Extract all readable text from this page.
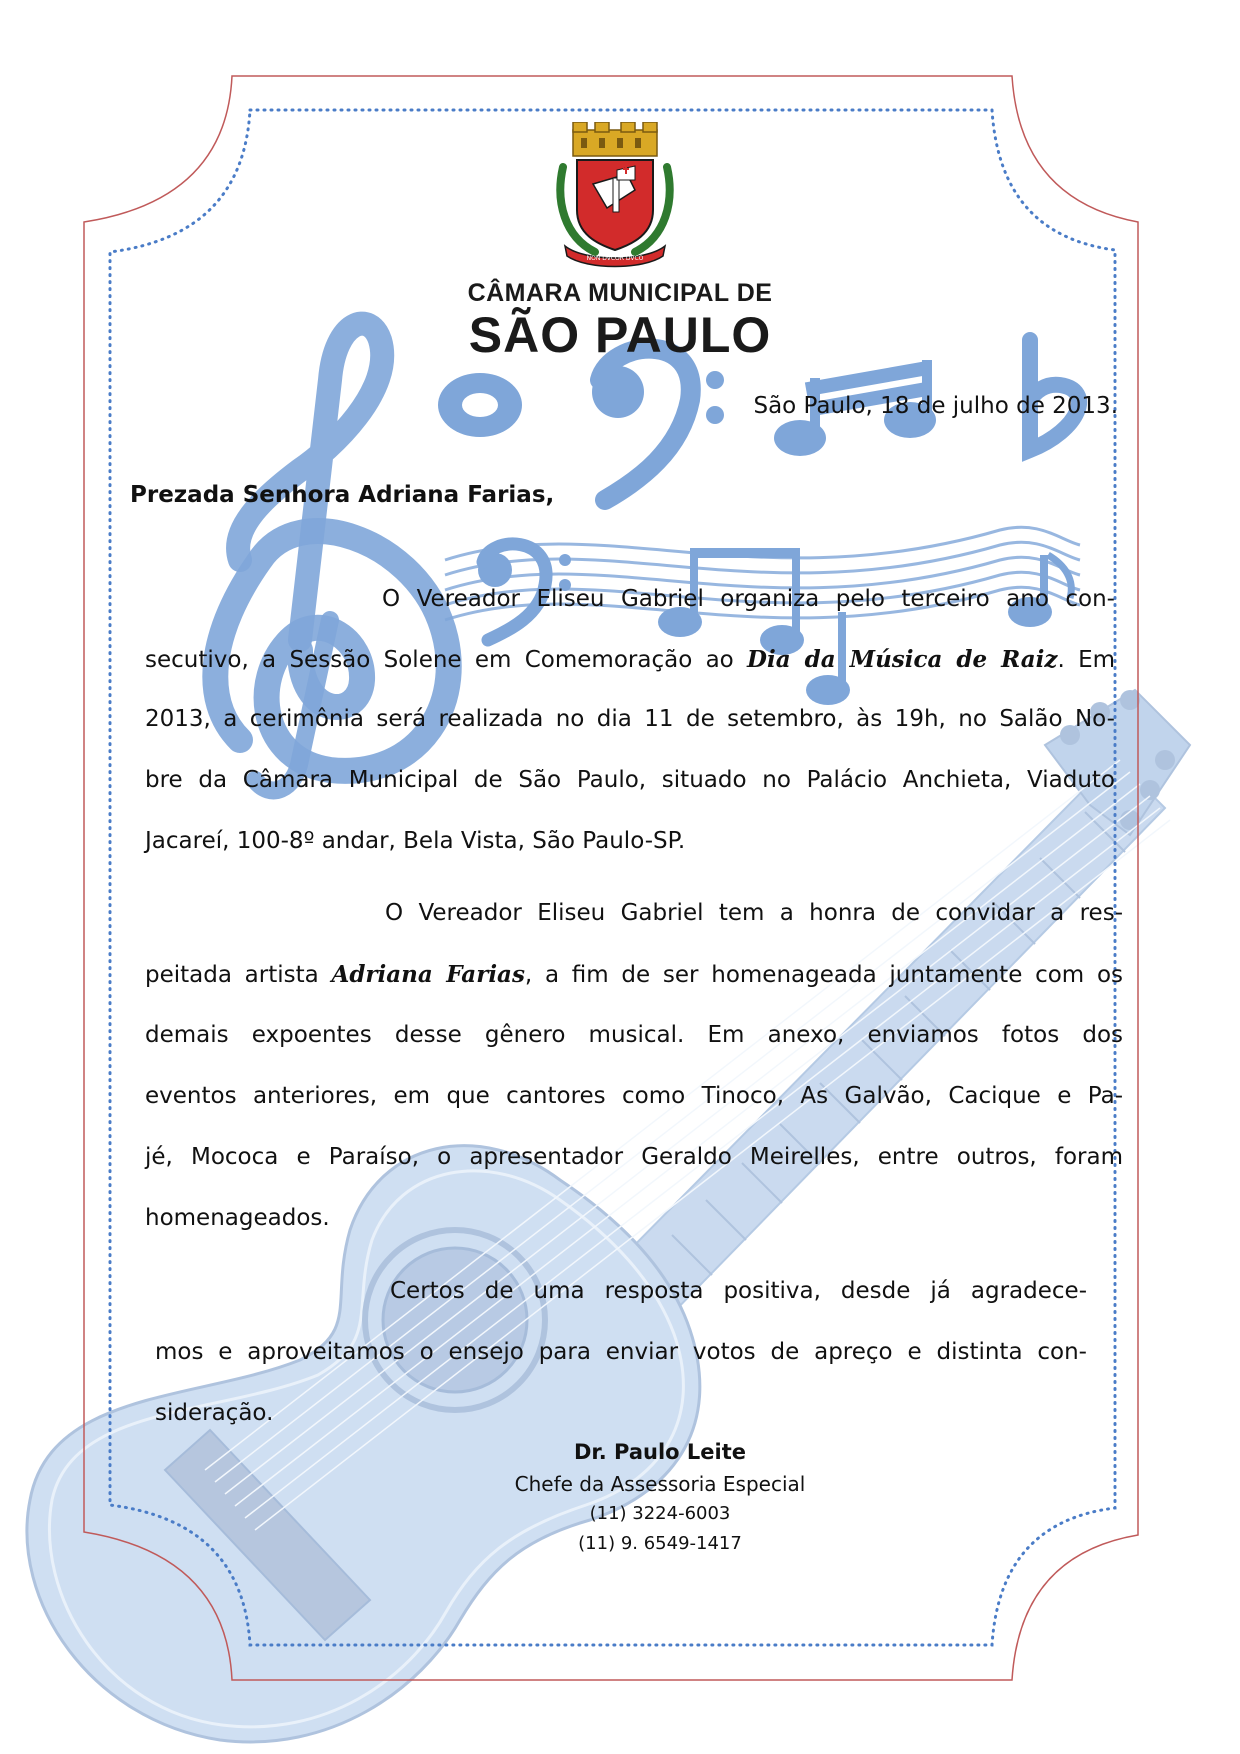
NON DVCOR DVCO
CÂMARA MUNICIPAL DE
SÃO PAULO
São Paulo, 18 de julho de 2013.
Prezada Senhora Adriana Farias,
O Vereador Eliseu Gabriel organiza pelo terceiro ano con-
secutivo, a Sessão Solene em Comemoração ao Dia da Música de Raiz. Em
2013, a cerimônia será realizada no dia 11 de setembro, às 19h, no Salão No-
bre da Câmara Municipal de São Paulo, situado no Palácio Anchieta, Viaduto
Jacareí, 100-8º andar, Bela Vista, São Paulo-SP.
O Vereador Eliseu Gabriel tem a honra de convidar a res-
peitada artista Adriana Farias, a fim de ser homenageada juntamente com os
demais expoentes desse gênero musical. Em anexo, enviamos fotos dos
eventos anteriores, em que cantores como Tinoco, As Galvão, Cacique e Pa-
jé, Mococa e Paraíso, o apresentador Geraldo Meirelles, entre outros, foram
homenageados.
Certos de uma resposta positiva, desde já agradece-
mos e aproveitamos o ensejo para enviar votos de apreço e distinta con-
sideração.
Dr. Paulo Leite
Chefe da Assessoria Especial
(11) 3224-6003
(11) 9. 6549-1417
